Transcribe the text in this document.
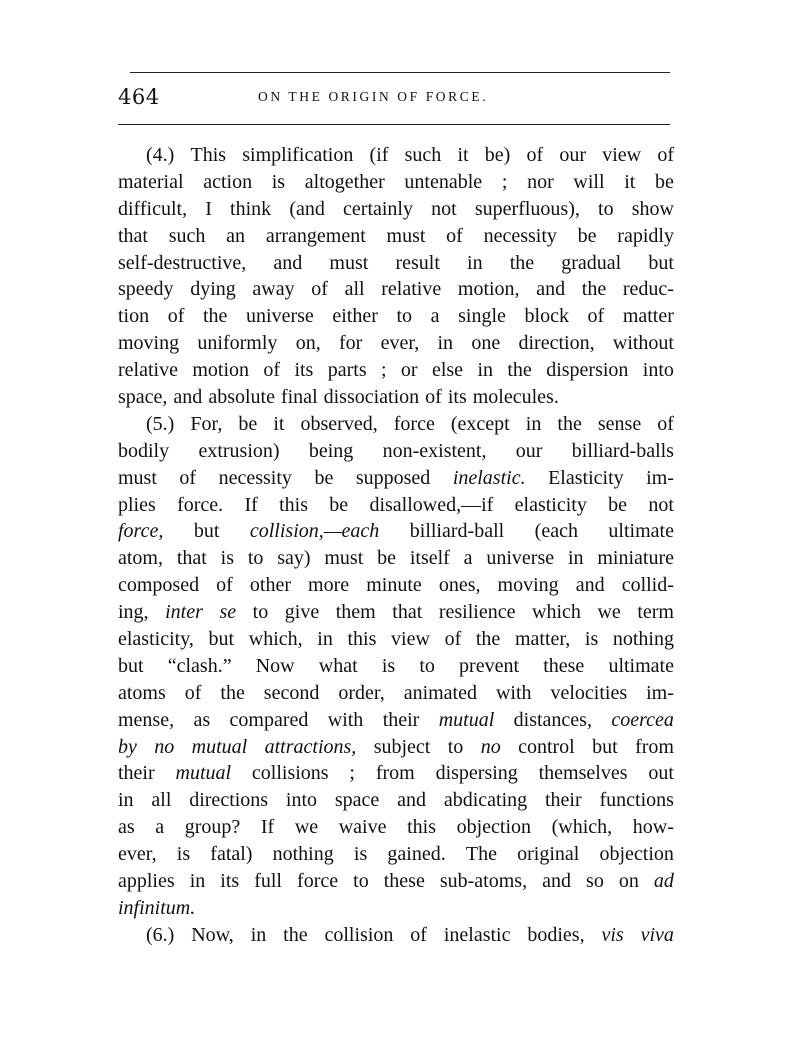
464	ON THE ORIGIN OF FORCE.
(4.) This simplification (if such it be) of our view of
material action is altogether untenable ; nor will it be
difficult, I think (and certainly not superfluous), to show
that such an arrangement must of necessity be rapidly
self-destructive, and must result in the gradual but
speedy dying away of all relative motion, and the reduc-
tion of the universe either to a single block of matter
moving uniformly on, for ever, in one direction, without
relative motion of its parts ; or else in the dispersion into
space, and absolute final dissociation of its molecules.
(5.) For, be it observed, force (except in the sense of
bodily extrusion) being non-existent, our billiard-balls
must of necessity be supposed inelastic. Elasticity im-
plies force. If this be disallowed,—if elasticity be not
force, but collision,—each billiard-ball (each ultimate
atom, that is to say) must be itself a universe in miniature
composed of other more minute ones, moving and collid-
ing, inter se to give them that resilience which we term
elasticity, but which, in this view of the matter, is nothing
but “clash.” Now what is to prevent these ultimate
atoms of the second order, animated with velocities im-
mense, as compared with their mutual distances, coercea
by no mutual attractions, subject to no control but from
their mutual collisions ; from dispersing themselves out
in all directions into space and abdicating their functions
as a group? If we waive this objection (which, how-
ever, is fatal) nothing is gained. The original objection
applies in its full force to these sub-atoms, and so on ad
infinitum.
(6.) Now, in the collision of inelastic bodies, vis viva
